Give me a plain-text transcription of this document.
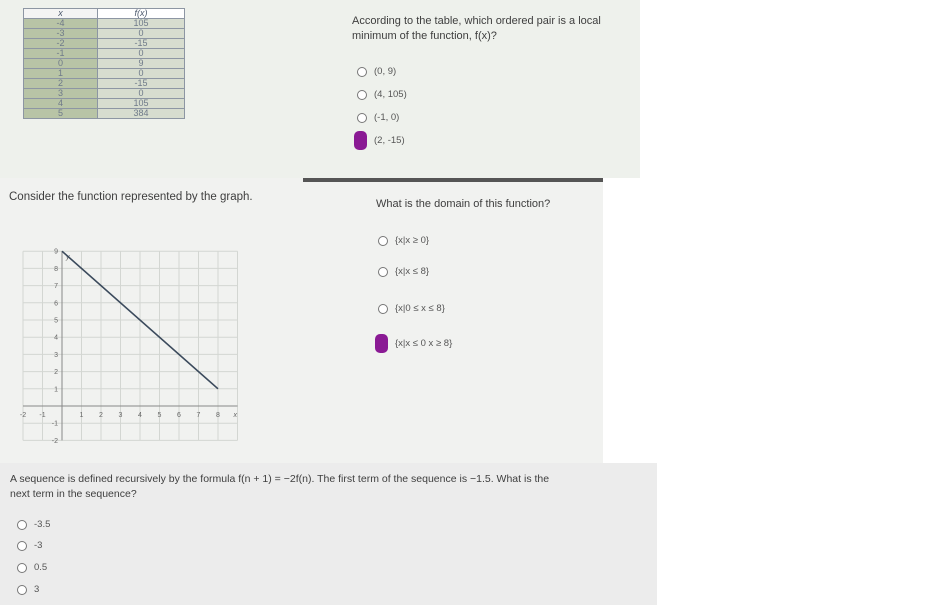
x	f(x)
-4	105
-3	0
-2	-15
-1	0
0	9
1	0
2	-15
3	0
4	105
5	384
According to the table, which ordered pair is a local
minimum of the function, f(x)?
(0, 9)
(4, 105)
(-1, 0)
(2, -15)
Consider the function represented by the graph.
-2 -1	1 2 3 4 5 6 7 8
9
8
7
6
5
4
3
2
1
-1
-2
x
y
What is the domain of this function?
{x|x ≥ 0}
{x|x ≤ 8}
{x|0 ≤ x ≤ 8}
{x|x ≤ 0 x ≥ 8}
A sequence is defined recursively by the formula f(n + 1) = −2f(n). The first term of the sequence is −1.5. What is the
next term in the sequence?
-3.5
-3
0.5
3
